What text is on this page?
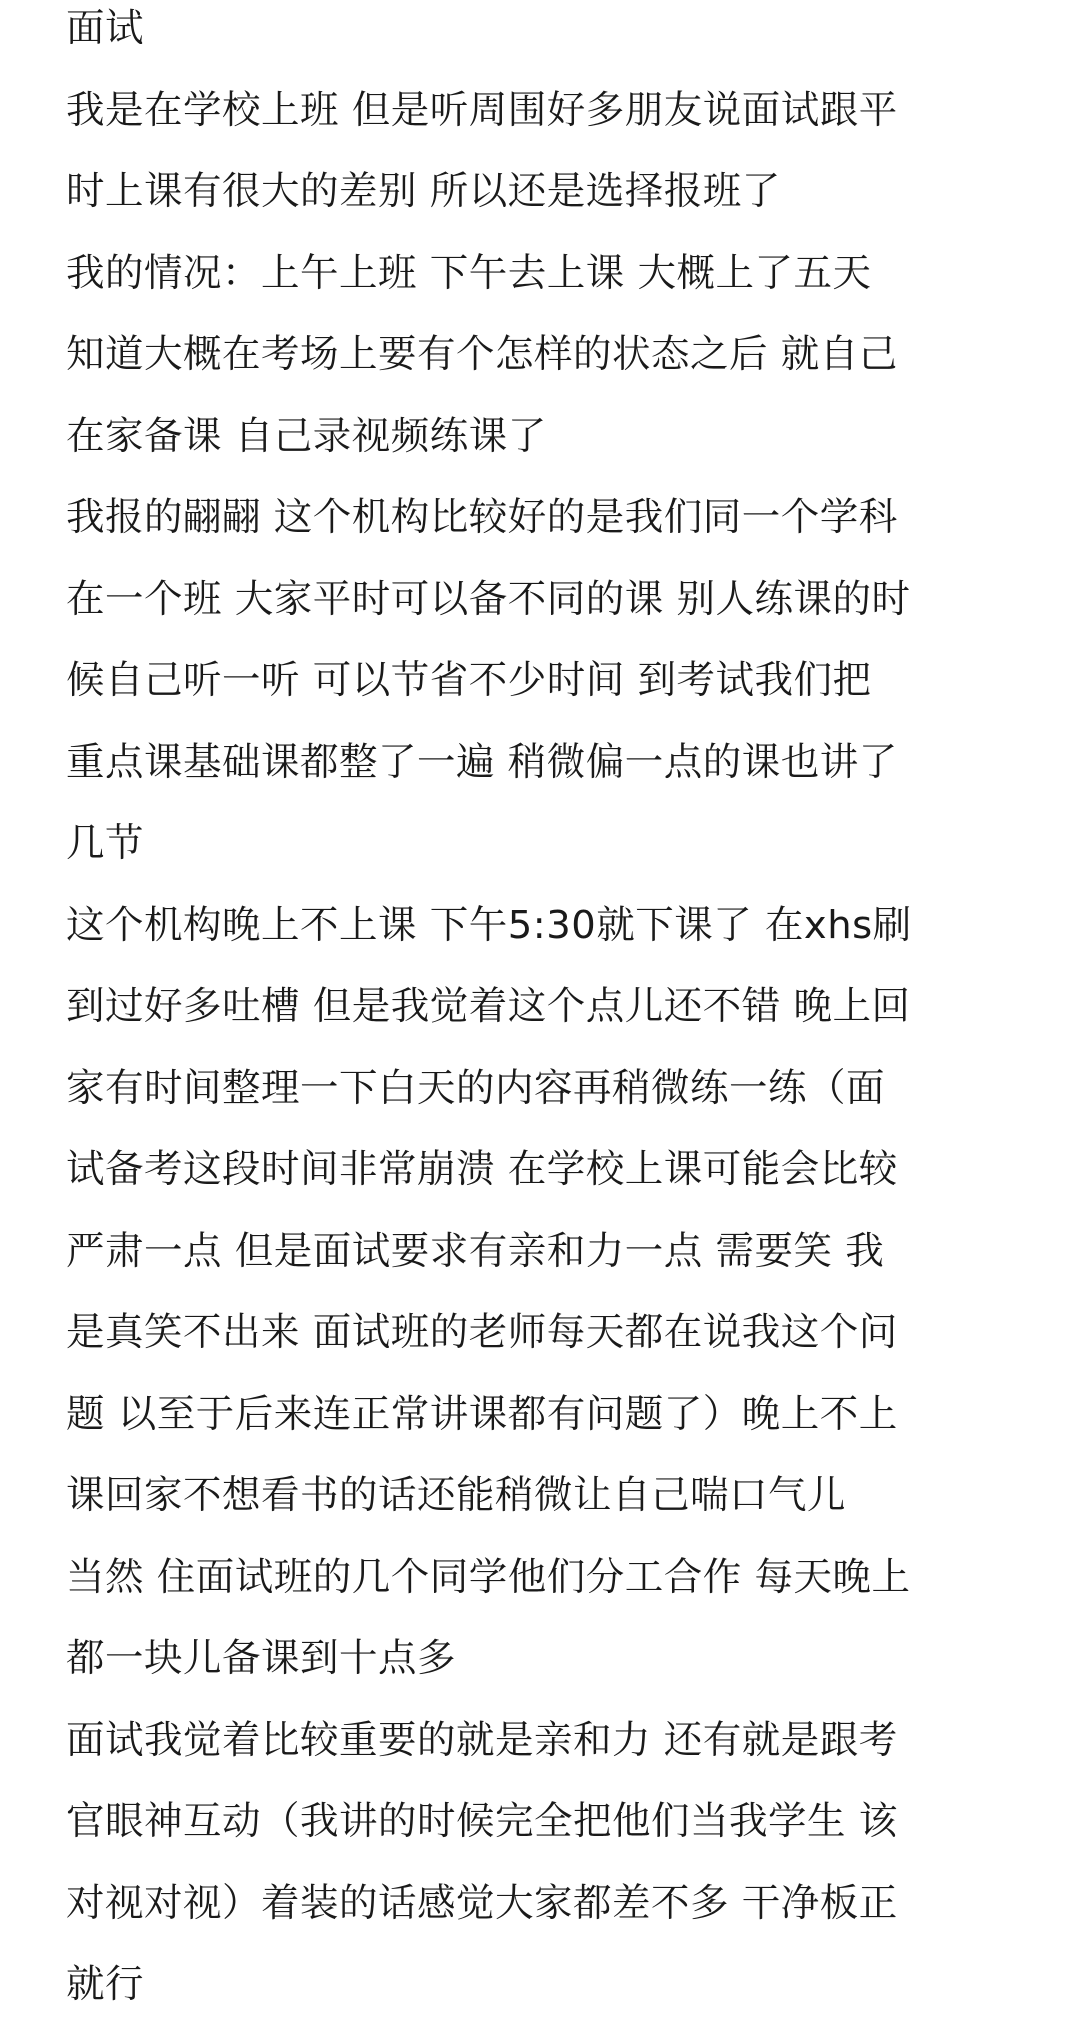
面试
我是在学校上班 但是听周围好多朋友说面试跟平
时上课有很大的差别 所以还是选择报班了
我的情况：上午上班 下午去上课 大概上了五天
知道大概在考场上要有个怎样的状态之后 就自己
在家备课 自己录视频练课了
我报的翤翤 这个机构比较好的是我们同一个学科
在一个班 大家平时可以备不同的课 别人练课的时
候自己听一听 可以节省不少时间 到考试我们把
重点课基础课都整了一遍 稍微偏一点的课也讲了
几节
这个机构晚上不上课 下午5:30就下课了 在xhs刷
到过好多吐槽 但是我觉着这个点儿还不错 晚上回
家有时间整理一下白天的内容再稍微练一练（面
试备考这段时间非常崩溃 在学校上课可能会比较
严肃一点 但是面试要求有亲和力一点 需要笑 我
是真笑不出来 面试班的老师每天都在说我这个问
题 以至于后来连正常讲课都有问题了）晚上不上
课回家不想看书的话还能稍微让自己喘口气儿
当然 住面试班的几个同学他们分工合作 每天晚上
都一块儿备课到十点多
面试我觉着比较重要的就是亲和力 还有就是跟考
官眼神互动（我讲的时候完全把他们当我学生 该
对视对视）着装的话感觉大家都差不多 干净板正
就行
